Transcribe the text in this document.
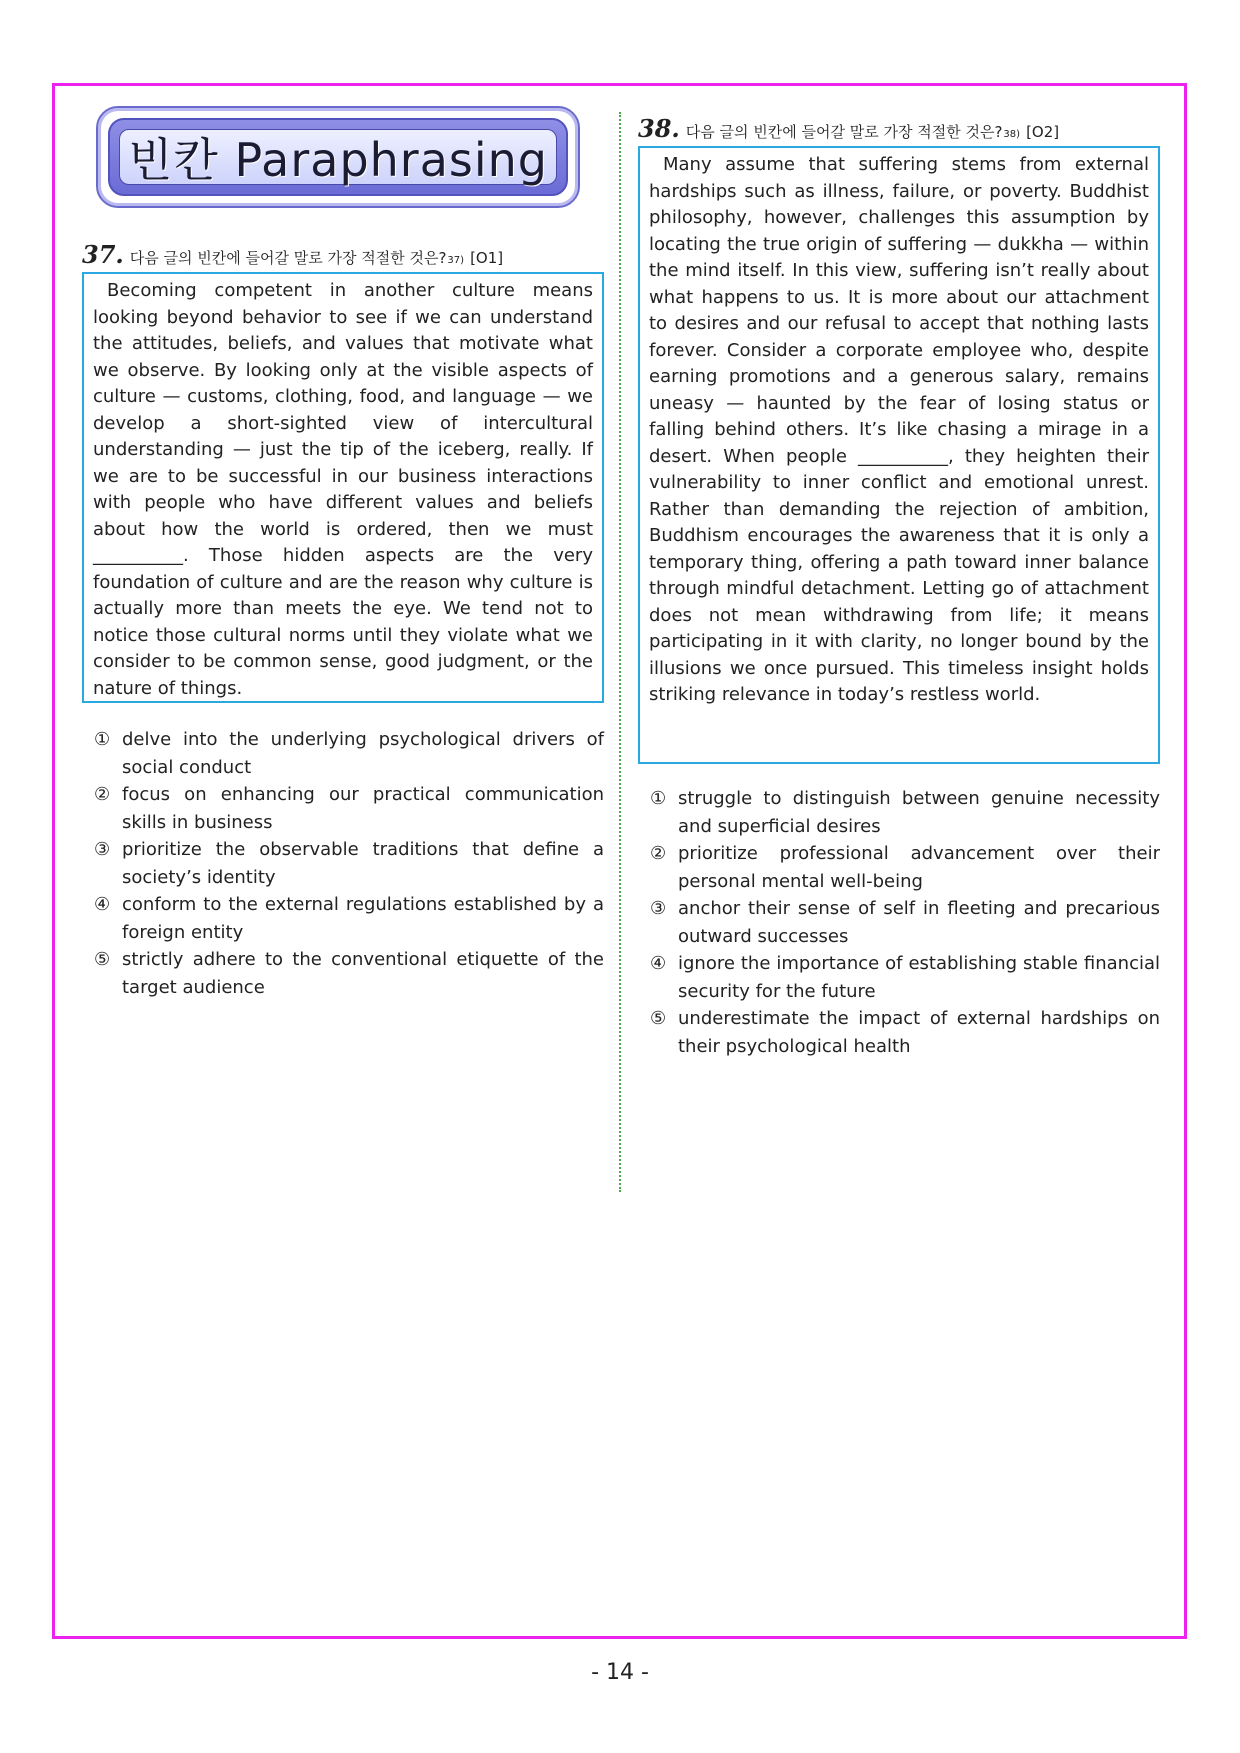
빈칸 Paraphrasing
37. 다음 글의 빈칸에 들어갈 말로 가장 적절한 것은? 37) [O1]

Becoming competent in another culture means looking beyond behavior to see if we can understand the attitudes, beliefs, and values that motivate what we observe. By looking only at the visible aspects of culture — customs, clothing, food, and language — we develop a short-sighted view of intercultural understanding — just the tip of the iceberg, really. If we are to be successful in our business interactions with people who have different values and beliefs about how the world is ordered, then we must __________. Those hidden aspects are the very foundation of culture and are the reason why culture is actually more than meets the eye. We tend not to notice those cultural norms until they violate what we consider to be common sense, good judgment, or the nature of things.

① delve into the underlying psychological drivers of social conduct
② focus on enhancing our practical communication skills in business
③ prioritize the observable traditions that define a society’s identity
④ conform to the external regulations established by a foreign entity
⑤ strictly adhere to the conventional etiquette of the target audience
38. 다음 글의 빈칸에 들어갈 말로 가장 적절한 것은? 38) [O2]

Many assume that suffering stems from external hardships such as illness, failure, or poverty. Buddhist philosophy, however, challenges this assumption by locating the true origin of suffering — dukkha — within the mind itself. In this view, suffering isn’t really about what happens to us. It is more about our attachment to desires and our refusal to accept that nothing lasts forever. Consider a corporate employee who, despite earning promotions and a generous salary, remains uneasy — haunted by the fear of losing status or falling behind others. It’s like chasing a mirage in a desert. When people __________, they heighten their vulnerability to inner conflict and emotional unrest. Rather than demanding the rejection of ambition, Buddhism encourages the awareness that it is only a temporary thing, offering a path toward inner balance through mindful detachment. Letting go of attachment does not mean withdrawing from life; it means participating in it with clarity, no longer bound by the illusions we once pursued. This timeless insight holds striking relevance in today’s restless world.

① struggle to distinguish between genuine necessity and superficial desires
② prioritize professional advancement over their personal mental well-being
③ anchor their sense of self in fleeting and precarious outward successes
④ ignore the importance of establishing stable financial security for the future
⑤ underestimate the impact of external hardships on their psychological health
- 14 -
